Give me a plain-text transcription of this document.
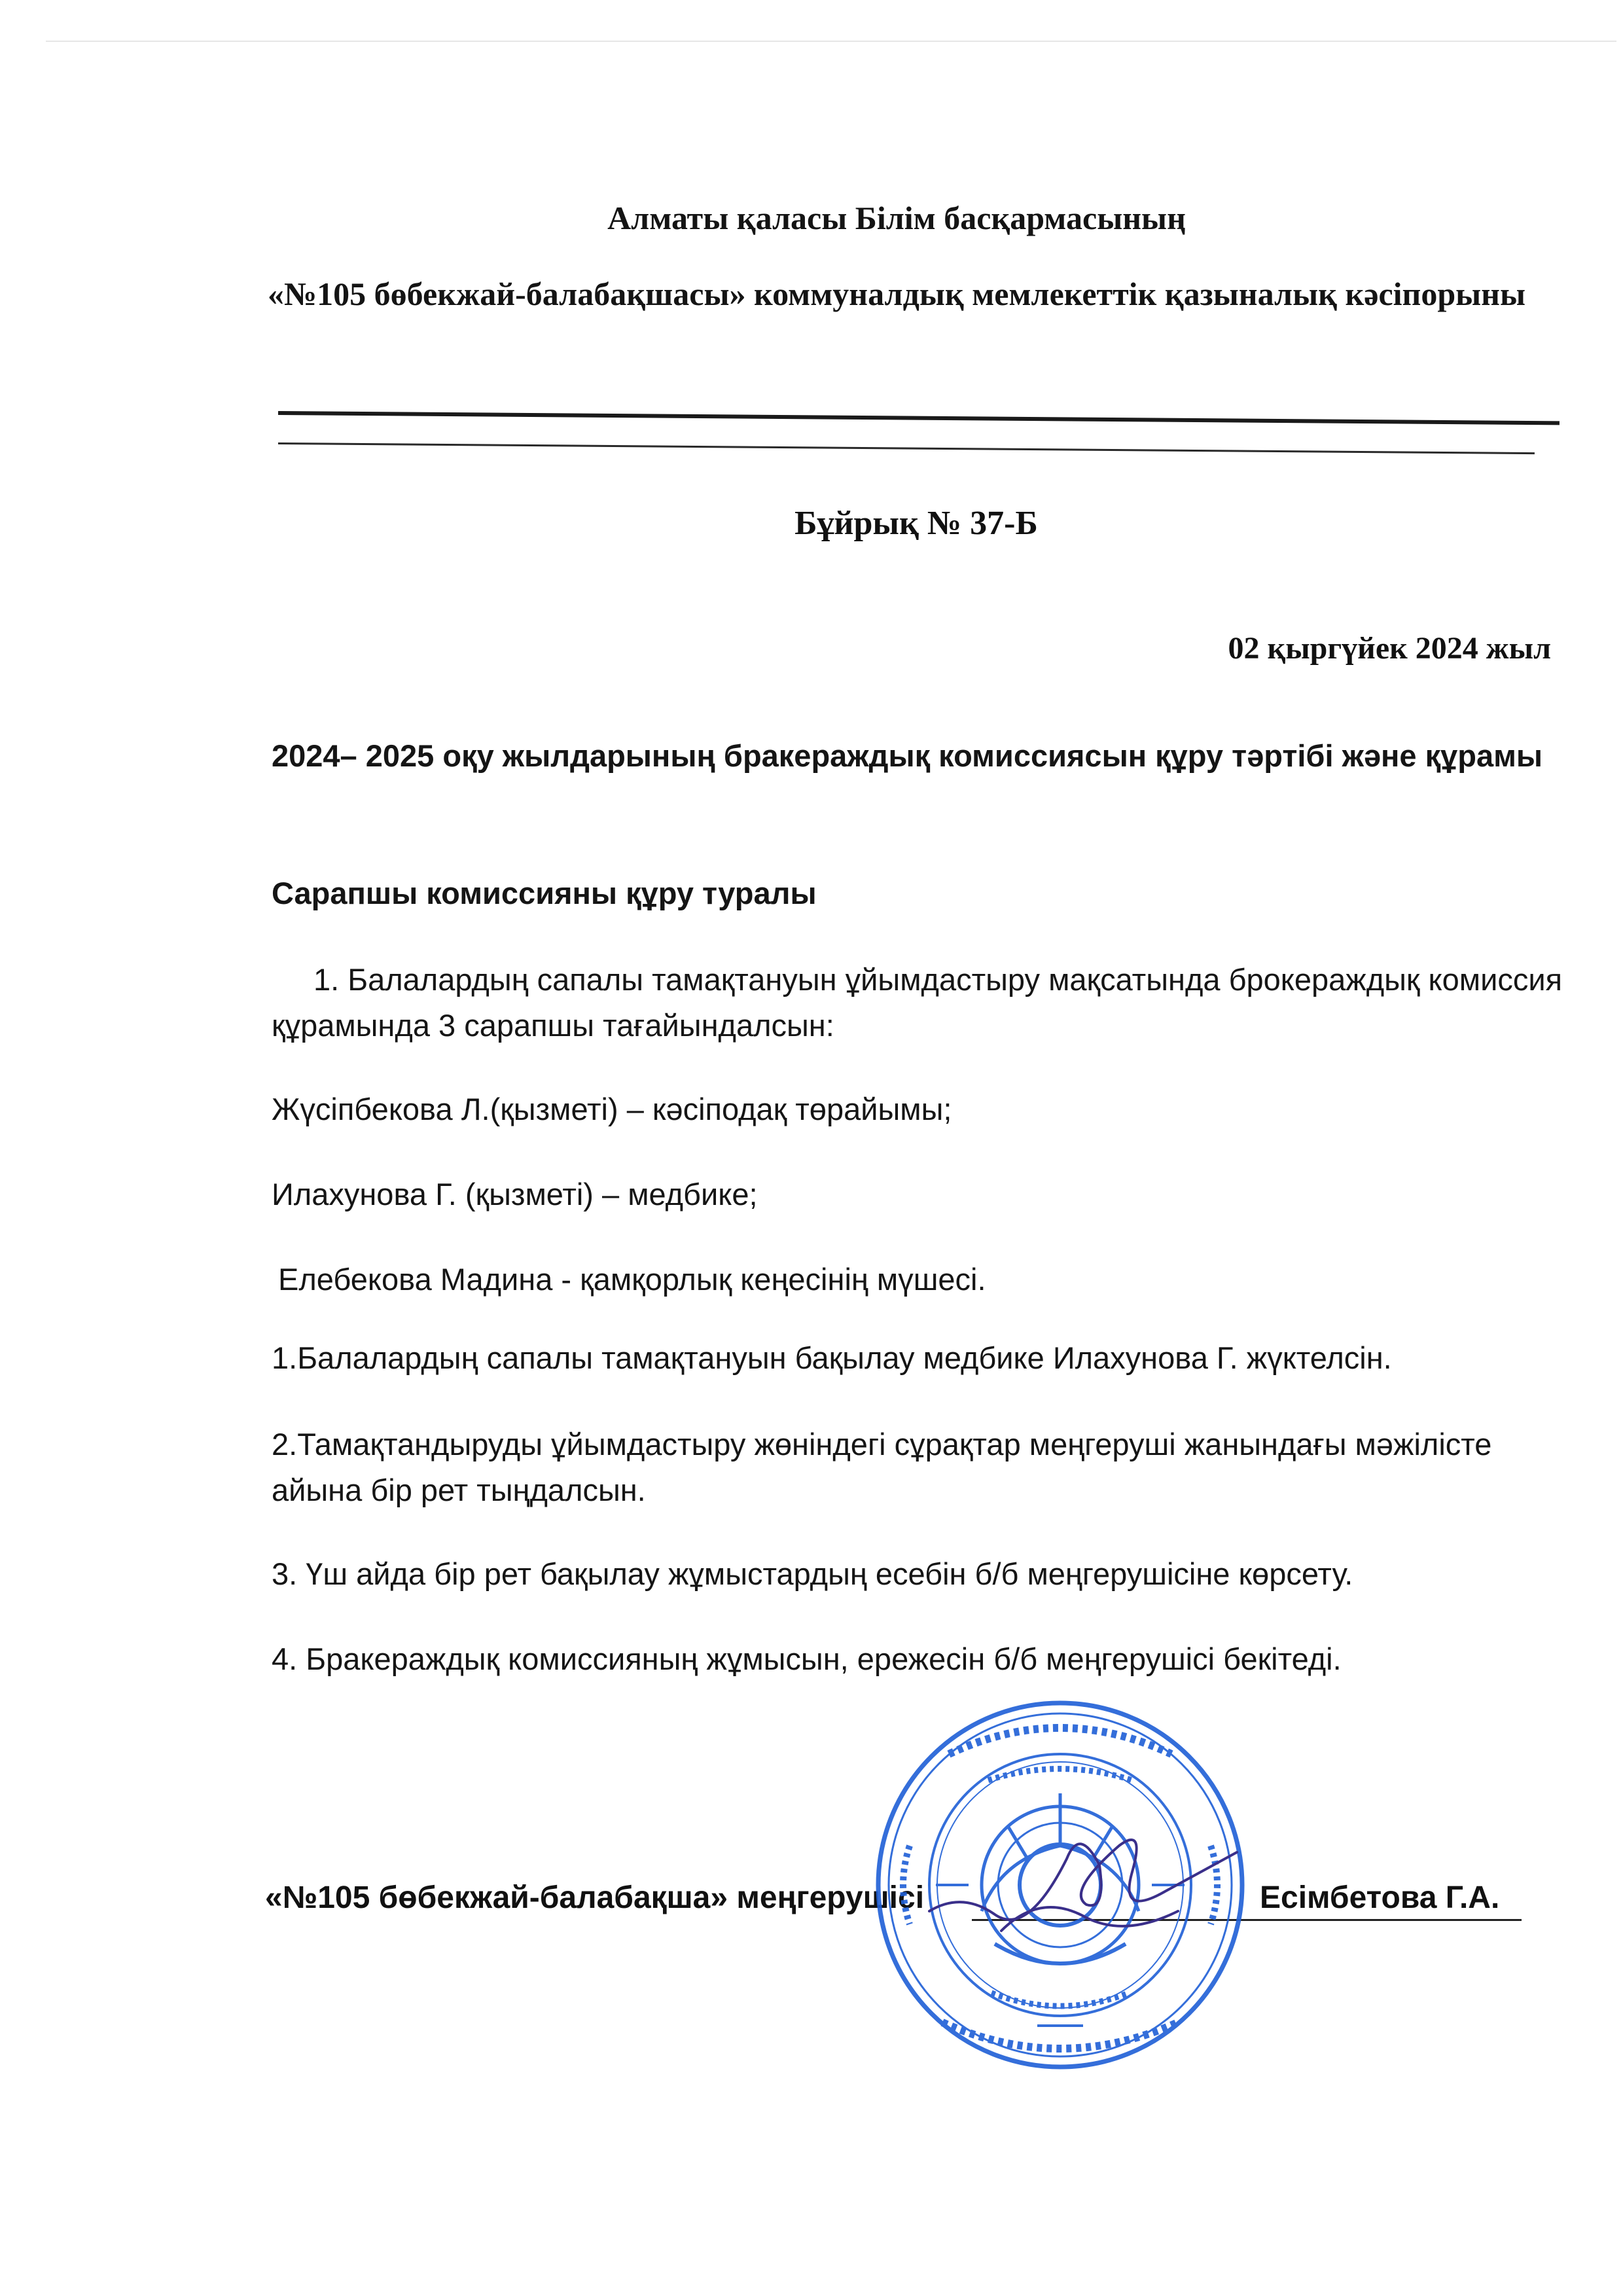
Алматы қаласы Білім басқармасының
«№105 бөбекжай-балабақшасы» коммуналдық мемлекеттік қазыналық кәсіпорыны
Бұйрық № 37-Б
02 қыргүйек 2024 жыл
2024– 2025 оқу жылдарының бракераждық комиссиясын құру тәртібі және құрамы
Сарапшы комиссияны құру туралы
1. Балалардың сапалы тамақтануын ұйымдастыру мақсатында брокераждық комиссия құрамында 3 сарапшы тағайындалсын:
Жүсіпбекова Л.(қызметі) – кәсіподақ төрайымы;
Илахунова Г. (қызметі) – медбике;
Елебекова Мадина - қамқорлық кеңесінің мүшесі.
1.Балалардың сапалы тамақтануын бақылау медбике Илахунова Г. жүктелсін.
2.Тамақтандыруды ұйымдастыру жөніндегі сұрақтар меңгеруші жанындағы мәжілісте айына бір рет тыңдалсын.
3. Үш айда бір рет бақылау жұмыстардың есебін б/б меңгерушісіне көрсету.
4. Бракераждық комиссияның жұмысын, ережесін б/б меңгерушісі бекітеді.
«№105 бөбекжай-балабақша» меңгерушісі	Есімбетова Г.А.
